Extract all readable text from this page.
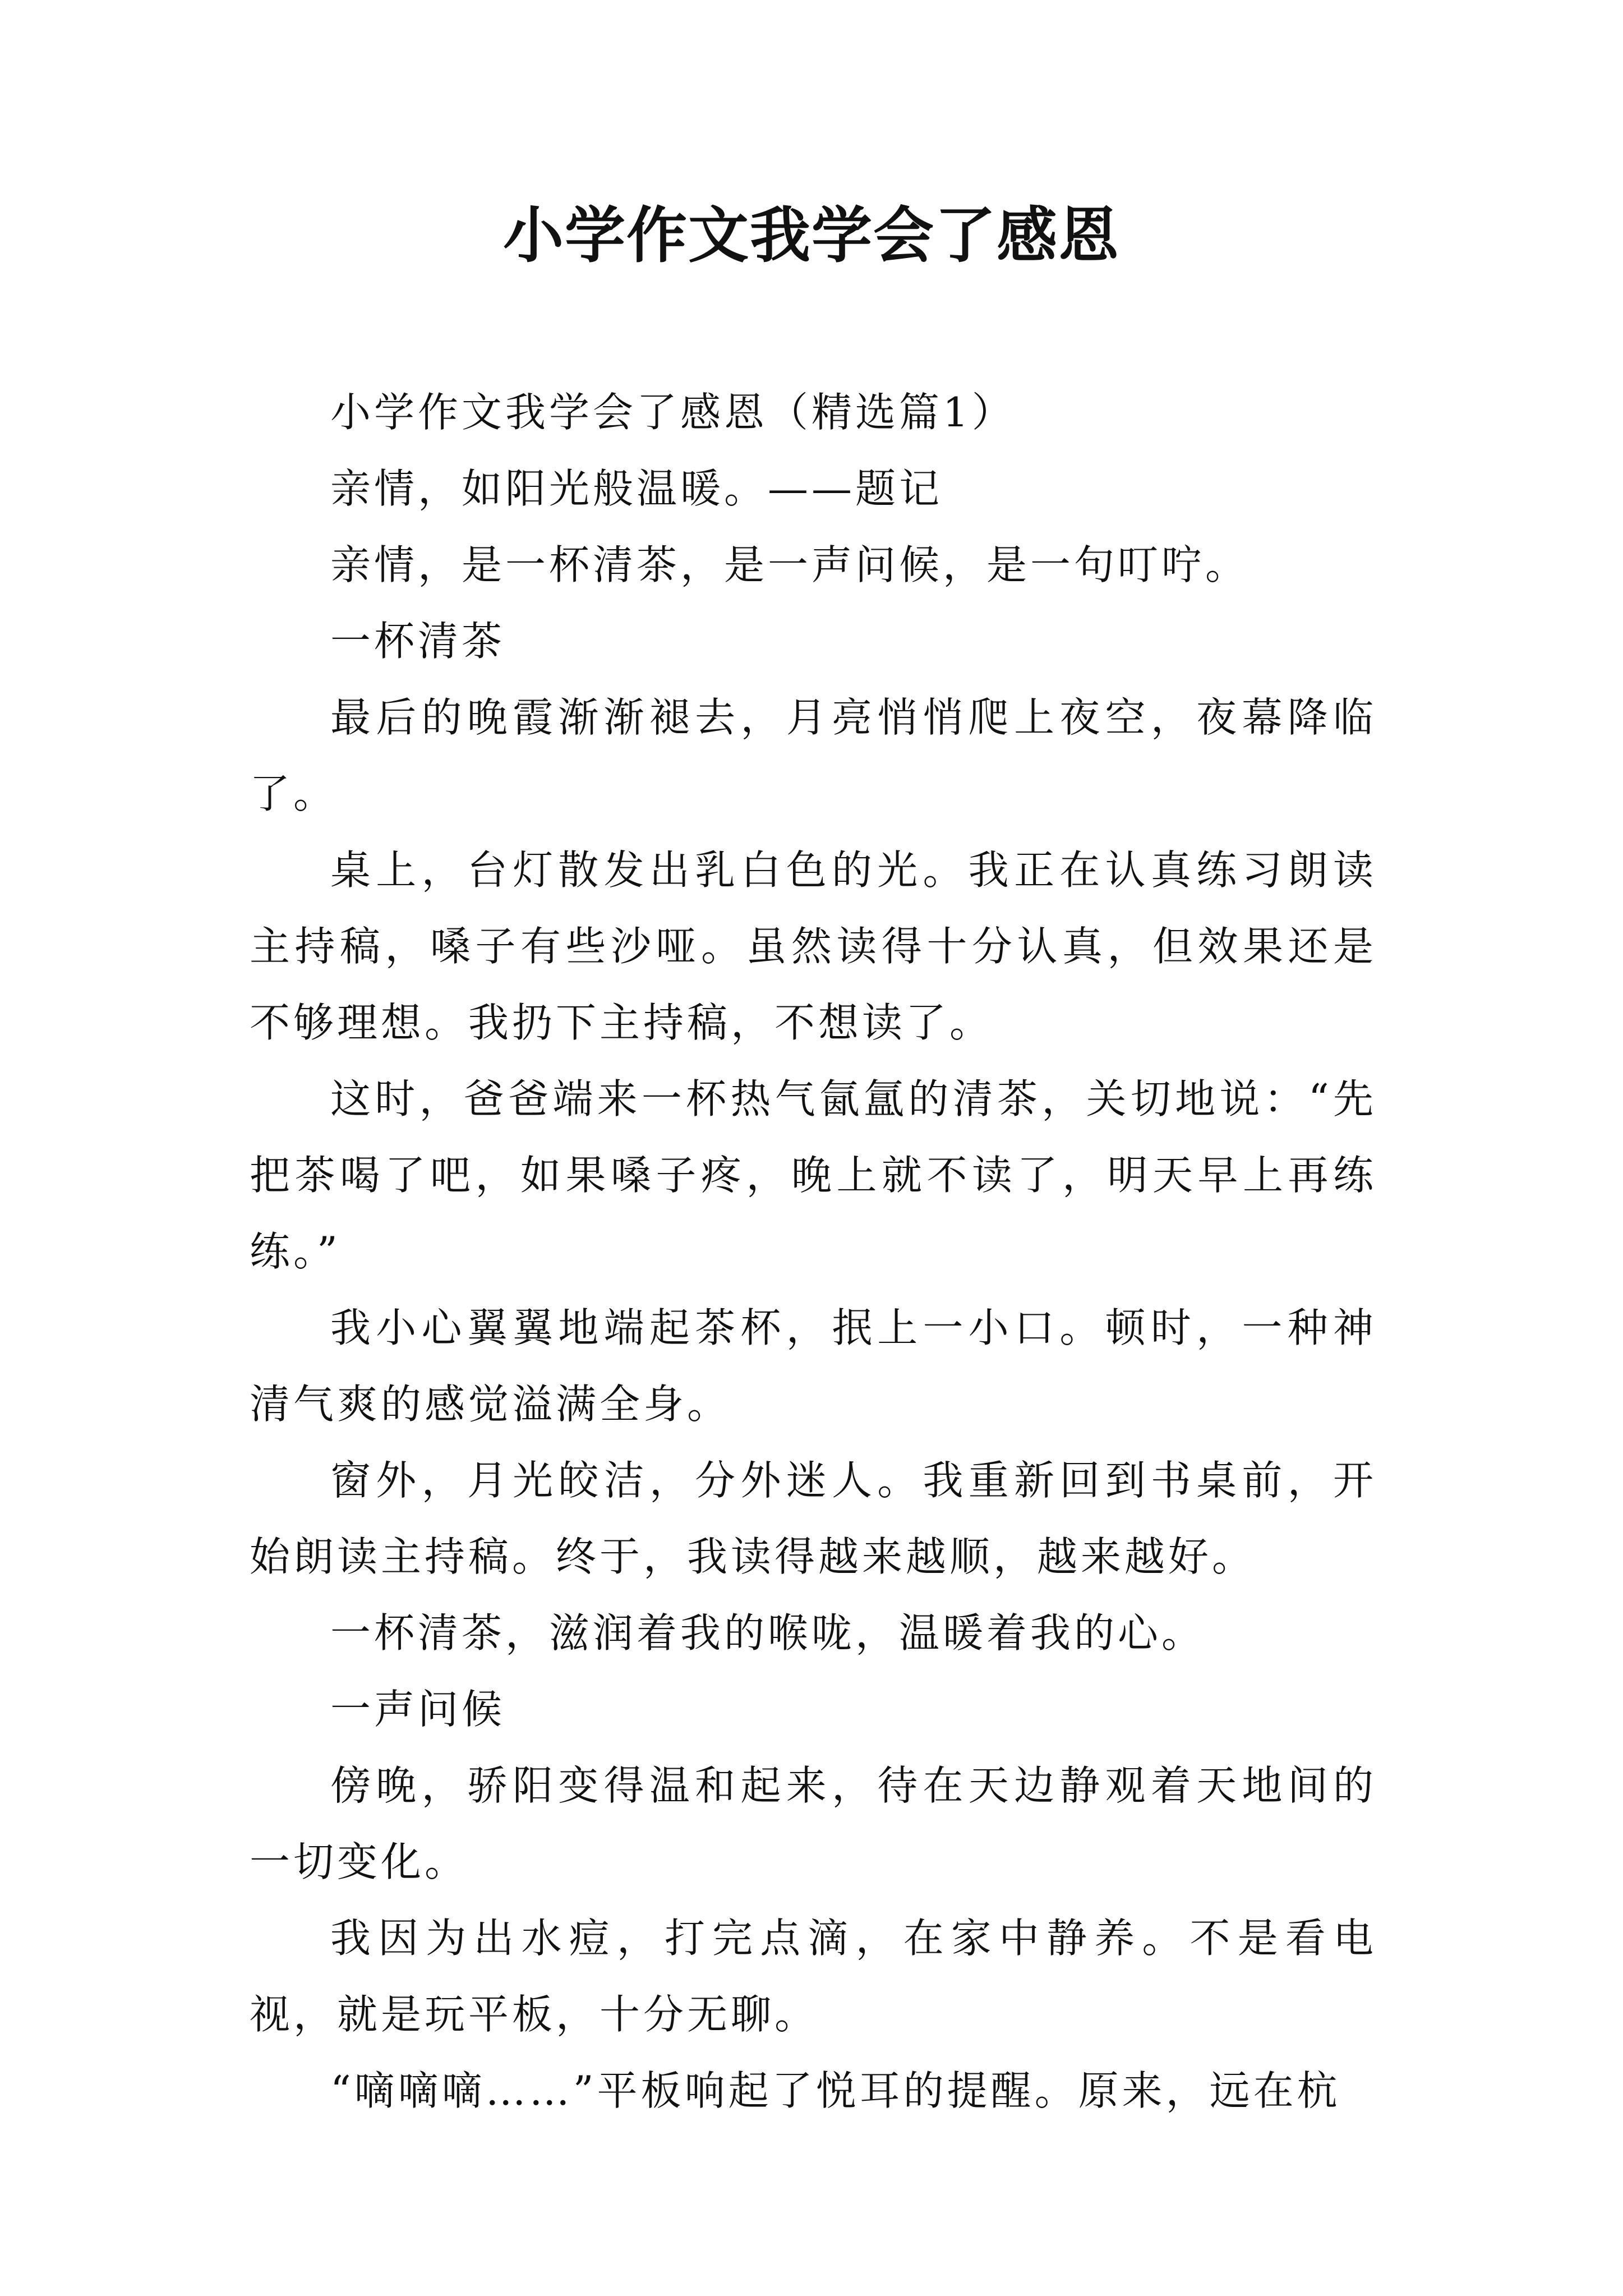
小学作文我学会了感恩

小学作文我学会了感恩（精选篇1）

亲情，如阳光般温暖。——题记

亲情，是一杯清茶，是一声问候，是一句叮咛。

一杯清茶

最后的晚霞渐渐褪去，月亮悄悄爬上夜空，夜幕降临了。

桌上，台灯散发出乳白色的光。我正在认真练习朗读主持稿，嗓子有些沙哑。虽然读得十分认真，但效果还是不够理想。我扔下主持稿，不想读了。

这时，爸爸端来一杯热气氤氲的清茶，关切地说：“先把茶喝了吧，如果嗓子疼，晚上就不读了，明天早上再练练。”

我小心翼翼地端起茶杯，抿上一小口。顿时，一种神清气爽的感觉溢满全身。

窗外，月光皎洁，分外迷人。我重新回到书桌前，开始朗读主持稿。终于，我读得越来越顺，越来越好。

一杯清茶，滋润着我的喉咙，温暖着我的心。

一声问候

傍晚，骄阳变得温和起来，待在天边静观着天地间的一切变化。

我因为出水痘，打完点滴，在家中静养。不是看电视，就是玩平板，十分无聊。

“嘀嘀嘀……”平板响起了悦耳的提醒。原来，远在杭
